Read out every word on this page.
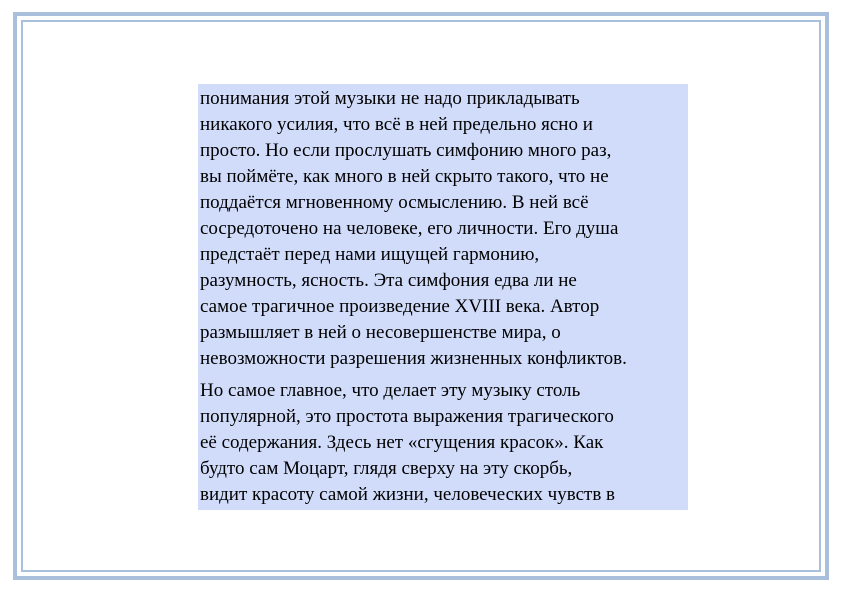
понимания этой музыки не надо прикладывать
никакого усилия, что всё в ней предельно ясно и
просто. Но если прослушать симфонию много раз,
вы поймёте, как много в ней скрыто такого, что не
поддаётся мгновенному осмыслению. В ней всё
сосредоточено на человеке, его личности. Его душа
предстаёт перед нами ищущей гармонию,
разумность, ясность. Эта симфония едва ли не
самое трагичное произведение XVIII века. Автор
размышляет в ней о несовершенстве мира, о
невозможности разрешения жизненных конфликтов.

Но самое главное, что делает эту музыку столь
популярной, это простота выражения трагического
её содержания. Здесь нет «сгущения красок». Как
будто сам Моцарт, глядя сверху на эту скорбь,
видит красоту самой жизни, человеческих чувств в
